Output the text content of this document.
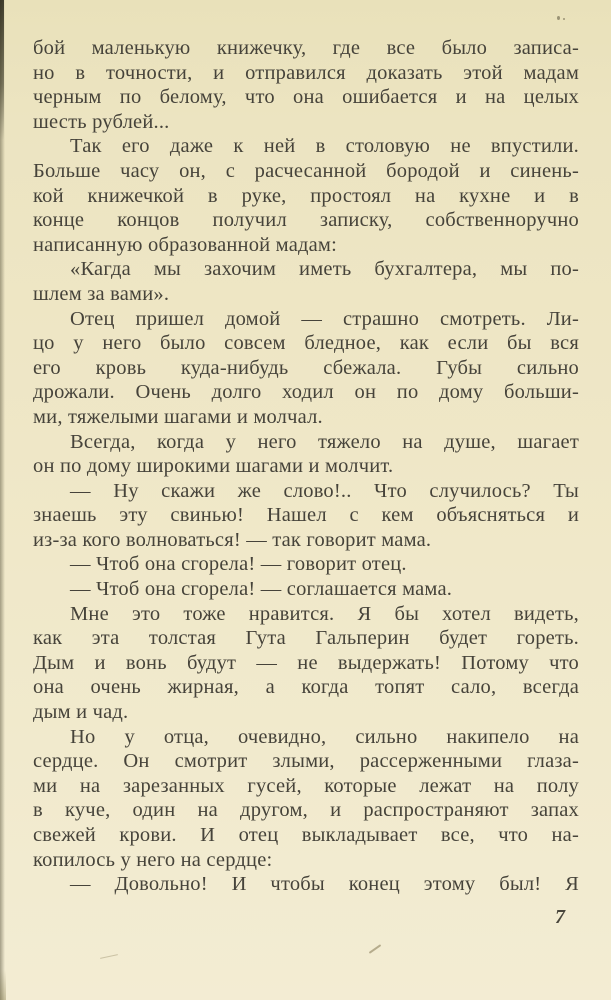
бой маленькую книжечку, где все было записа-
но в точности, и отправился доказать этой мадам
черным по белому, что она ошибается и на целых
шесть рублей...

Так его даже к ней в столовую не впустили.
Больше часу он, с расчесанной бородой и синень-
кой книжечкой в руке, простоял на кухне и в
конце концов получил записку, собственноручно
написанную образованной мадам:

«Кагда мы захочим иметь бухгалтера, мы по-
шлем за вами».

Отец пришел домой — страшно смотреть. Ли-
цо у него было совсем бледное, как если бы вся
его кровь куда-нибудь сбежала. Губы сильно
дрожали. Очень долго ходил он по дому больши-
ми, тяжелыми шагами и молчал.

Всегда, когда у него тяжело на душе, шагает
он по дому широкими шагами и молчит.

— Ну скажи же слово!.. Что случилось? Ты
знаешь эту свинью! Нашел с кем объясняться и
из-за кого волноваться! — так говорит мама.

— Чтоб она сгорела! — говорит отец.

— Чтоб она сгорела! — соглашается мама.

Мне это тоже нравится. Я бы хотел видеть,
как эта толстая Гута Гальперин будет гореть.
Дым и вонь будут — не выдержать! Потому что
она очень жирная, а когда топят сало, всегда
дым и чад.

Но у отца, очевидно, сильно накипело на
сердце. Он смотрит злыми, рассерженными глаза-
ми на зарезанных гусей, которые лежат на полу
в куче, один на другом, и распространяют запах
свежей крови. И отец выкладывает все, что на-
копилось у него на сердце:

— Довольно! И чтобы конец этому был! Я

7
